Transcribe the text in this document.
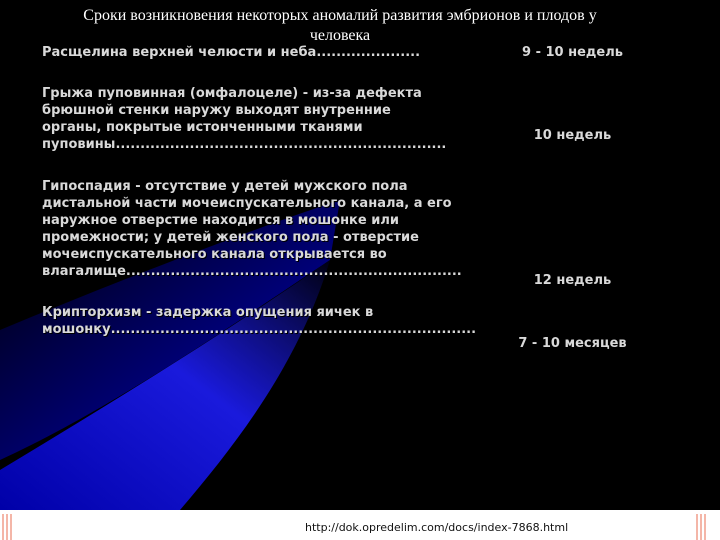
Сроки возникновения некоторых аномалий развития эмбрионов и плодов у человека
Расщелина верхней челюсти и неба.....................	9 - 10 недель
Грыжа пуповинная (омфалоцеле) - из-за дефекта брюшной стенки наружу выходят внутренние органы, покрытые истонченными тканями пуповины...................................................................
10 недель
Гипоспадия - отсутствие у детей мужского пола дистальной части мочеиспускательного канала, а его наружное отверстие находится в мошонке или промежности; у детей женского пола - отверстие мочеиспускательного канала открывается во влагалище....................................................................
12 недель
Крипторхизм - задержка опущения яичек в мошонку..........................................................................
7 - 10 месяцев
http://dok.opredelim.com/docs/index-7868.html
